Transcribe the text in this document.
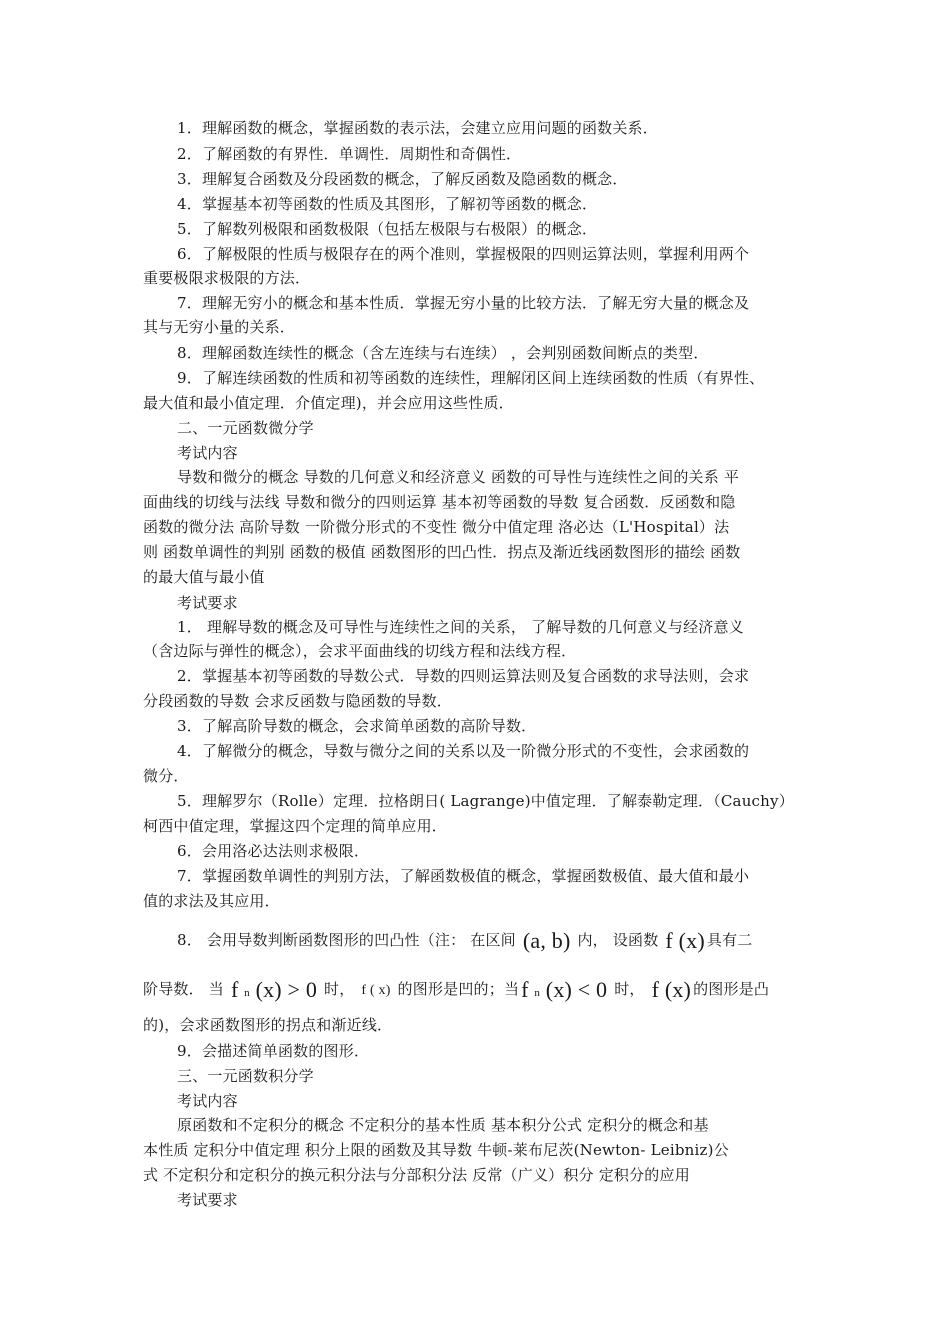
1．理解函数的概念，掌握函数的表示法，会建立应用问题的函数关系．
2．了解函数的有界性．单调性．周期性和奇偶性．
3．理解复合函数及分段函数的概念，了解反函数及隐函数的概念．
4．掌握基本初等函数的性质及其图形，了解初等函数的概念．
5．了解数列极限和函数极限（包括左极限与右极限）的概念．
6．了解极限的性质与极限存在的两个准则，掌握极限的四则运算法则，掌握利用两个
重要极限求极限的方法．
7．理解无穷小的概念和基本性质．掌握无穷小量的比较方法．了解无穷大量的概念及
其与无穷小量的关系．
8．理解函数连续性的概念（含左连续与右连续） ，会判别函数间断点的类型．
9．了解连续函数的性质和初等函数的连续性，理解闭区间上连续函数的性质（有界性、
最大值和最小值定理．介值定理)，并会应用这些性质．
二、一元函数微分学
考试内容
导数和微分的概念 导数的几何意义和经济意义 函数的可导性与连续性之间的关系 平
面曲线的切线与法线 导数和微分的四则运算 基本初等函数的导数 复合函数．反函数和隐
函数的微分法 高阶导数 一阶微分形式的不变性 微分中值定理 洛必达（L'Hospital）法
则 函数单调性的判别 函数的极值 函数图形的凹凸性．拐点及渐近线函数图形的描绘 函数
的最大值与最小值
考试要求
1． 理解导数的概念及可导性与连续性之间的关系， 了解导数的几何意义与经济意义
（含边际与弹性的概念），会求平面曲线的切线方程和法线方程．
2．掌握基本初等函数的导数公式．导数的四则运算法则及复合函数的求导法则，会求
分段函数的导数 会求反函数与隐函数的导数．
3．了解高阶导数的概念，会求简单函数的高阶导数．
4．了解微分的概念，导数与微分之间的关系以及一阶微分形式的不变性，会求函数的
微分．
5．理解罗尔（Rolle）定理．拉格朗日( Lagrange)中值定理．了解泰勒定理．（Cauchy）
柯西中值定理，掌握这四个定理的简单应用．
6．会用洛必达法则求极限．
7．掌握函数单调性的判别方法，了解函数极值的概念，掌握函数极值、最大值和最小
值的求法及其应用．
8． 会用导数判断函数图形的凹凸性（注： 在区间 (a, b) 内， 设函数 f (x) 具有二
阶导数． 当 f n (x) > 0 时， f ( x) 的图形是凹的；当f n (x) < 0 时， f (x) 的图形是凸
的)，会求函数图形的拐点和渐近线．
9．会描述简单函数的图形．
三、一元函数积分学
考试内容
原函数和不定积分的概念 不定积分的基本性质 基本积分公式 定积分的概念和基
本性质 定积分中值定理 积分上限的函数及其导数 牛顿-莱布尼茨(Newton- Leibniz)公
式 不定积分和定积分的换元积分法与分部积分法 反常（广义）积分 定积分的应用
考试要求
